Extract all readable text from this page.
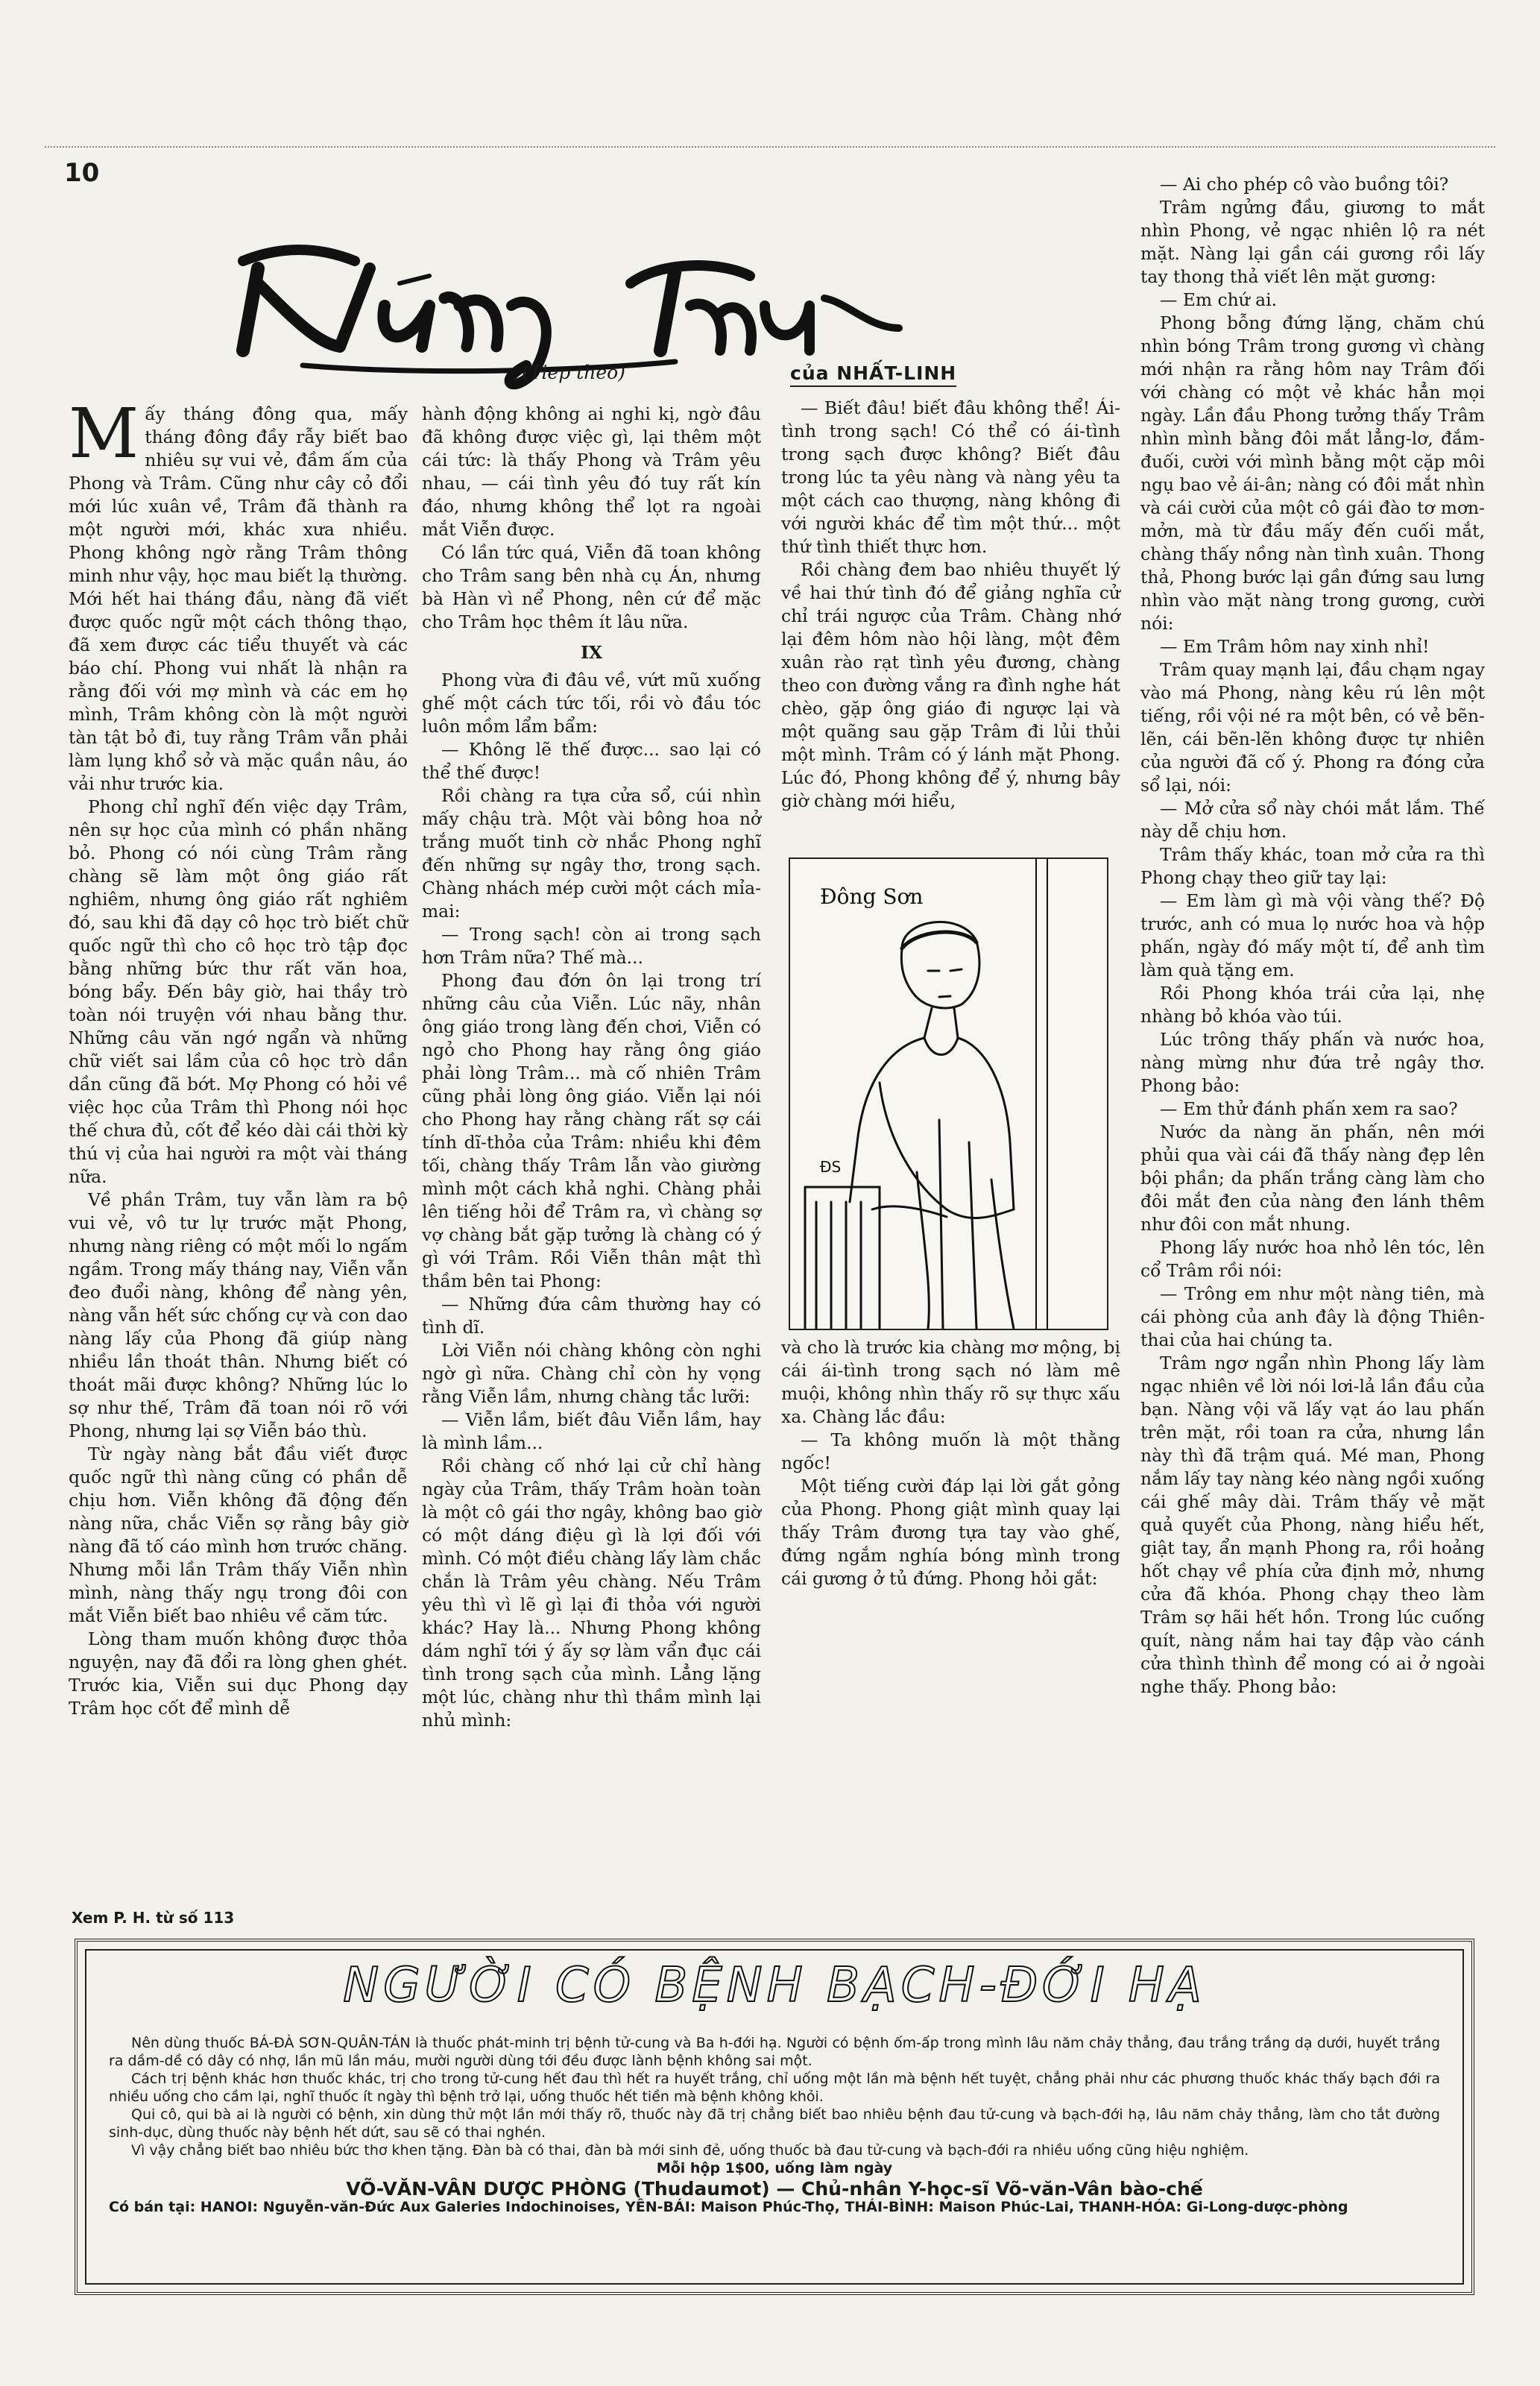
10
(Tiep theo)	của NHẤT-LINH

Mấy tháng đông qua, mấy tháng đông đầy rẫy biết bao nhiêu sự vui vẻ, đầm ấm của Phong và Trâm. Cũng như cây cỏ đổi mới lúc xuân về, Trâm đã thành ra một người mới, khác xưa nhiều. Phong không ngờ rằng Trâm thông minh như vậy, học mau biết lạ thường. Mới hết hai tháng đầu, nàng đã viết được quốc ngữ một cách thông thạo, đã xem được các tiểu thuyết và các báo chí. Phong vui nhất là nhận ra rằng đối với mợ mình và các em họ mình, Trâm không còn là một người tàn tật bỏ đi, tuy rằng Trâm vẫn phải làm lụng khổ sở và mặc quần nâu, áo vải như trước kia.

Phong chỉ nghĩ đến việc dạy Trâm, nên sự học của mình có phần nhãng bỏ. Phong có nói cùng Trâm rằng chàng sẽ làm một ông giáo rất nghiêm, nhưng ông giáo rất nghiêm đó, sau khi đã dạy cô học trò biết chữ quốc ngữ thì cho cô học trò tập đọc bằng những bức thư rất văn hoa, bóng bẩy. Đến bây giờ, hai thầy trò toàn nói truyện với nhau bằng thư. Những câu văn ngớ ngẩn và những chữ viết sai lầm của cô học trò dần dần cũng đã bớt. Mợ Phong có hỏi về việc học của Trâm thì Phong nói học thế chưa đủ, cốt để kéo dài cái thời kỳ thú vị của hai người ra một vài tháng nữa.

Về phần Trâm, tuy vẫn làm ra bộ vui vẻ, vô tư lự trước mặt Phong, nhưng nàng riêng có một mối lo ngấm ngầm. Trong mấy tháng nay, Viễn vẫn đeo đuổi nàng, không để nàng yên, nàng vẫn hết sức chống cự và con dao nàng lấy của Phong đã giúp nàng nhiều lần thoát thân. Nhưng biết có thoát mãi được không? Những lúc lo sợ như thế, Trâm đã toan nói rõ với Phong, nhưng lại sợ Viễn báo thù.

Từ ngày nàng bắt đầu viết được quốc ngữ thì nàng cũng có phần dễ chịu hơn. Viễn không đã động đến nàng nữa, chắc Viễn sợ rằng bây giờ nàng đã tố cáo mình hơn trước chăng. Nhưng mỗi lần Trâm thấy Viễn nhìn mình, nàng thấy ngụ trong đôi con mắt Viễn biết bao nhiêu về căm tức.

Lòng tham muốn không được thỏa nguyện, nay đã đổi ra lòng ghen ghét. Trước kia, Viễn sui dục Phong dạy Trâm học cốt để mình dễ

hành động không ai nghi kị, ngờ đâu đã không được việc gì, lại thêm một cái tức: là thấy Phong và Trâm yêu nhau, — cái tình yêu đó tuy rất kín đáo, nhưng không thể lọt ra ngoài mắt Viễn được.

Có lần tức quá, Viễn đã toan không cho Trâm sang bên nhà cụ Án, nhưng bà Hàn vì nể Phong, nên cứ để mặc cho Trâm học thêm ít lâu nữa.

IX

Phong vừa đi đâu về, vứt mũ xuống ghế một cách tức tối, rồi vò đầu tóc luôn mồm lẩm bẩm:

— Không lẽ thế được... sao lại có thể thế được!

Rồi chàng ra tựa cửa sổ, cúi nhìn mấy chậu trà. Một vài bông hoa nở trắng muốt tinh cờ nhắc Phong nghĩ đến những sự ngây thơ, trong sạch. Chàng nhách mép cười một cách mỉa-mai:

— Trong sạch! còn ai trong sạch hơn Trâm nữa? Thế mà...

Phong đau đớn ôn lại trong trí những câu của Viễn. Lúc nãy, nhân ông giáo trong làng đến chơi, Viễn có ngỏ cho Phong hay rằng ông giáo phải lòng Trâm... mà cố nhiên Trâm cũng phải lòng ông giáo. Viễn lại nói cho Phong hay rằng chàng rất sợ cái tính dĩ-thỏa của Trâm: nhiều khi đêm tối, chàng thấy Trâm lẫn vào giường mình một cách khả nghi. Chàng phải lên tiếng hỏi để Trâm ra, vì chàng sợ vợ chàng bắt gặp tưởng là chàng có ý gì với Trâm. Rồi Viễn thân mật thì thầm bên tai Phong:

— Những đứa câm thường hay có tình dĩ.

Lời Viễn nói chàng không còn nghi ngờ gì nữa. Chàng chỉ còn hy vọng rằng Viễn lầm, nhưng chàng tắc lưỡi:

— Viễn lầm, biết đâu Viễn lầm, hay là mình lầm...

Rồi chàng cố nhớ lại cử chỉ hàng ngày của Trâm, thấy Trâm hoàn toàn là một cô gái thơ ngây, không bao giờ có một dáng điệu gì là lợi đối với mình. Có một điều chàng lấy làm chắc chắn là Trâm yêu chàng. Nếu Trâm yêu thì vì lẽ gì lại đi thỏa với người khác? Hay là... Nhưng Phong không dám nghĩ tới ý ấy sợ làm vẩn đục cái tình trong sạch của mình. Lẳng lặng một lúc, chàng như thì thầm mình lại nhủ mình:

— Biết đâu! biết đâu không thể! Ái-tình trong sạch! Có thể có ái-tình trong sạch được không? Biết đâu trong lúc ta yêu nàng và nàng yêu ta một cách cao thượng, nàng không đi với người khác để tìm một thứ... một thứ tình thiết thực hơn.

Rồi chàng đem bao nhiêu thuyết lý về hai thứ tình đó để giảng nghĩa cử chỉ trái ngược của Trâm. Chàng nhớ lại đêm hôm nào hội làng, một đêm xuân rào rạt tình yêu đương, chàng theo con đường vắng ra đình nghe hát chèo, gặp ông giáo đi ngược lại và một quãng sau gặp Trâm đi lủi thủi một mình. Trâm có ý lánh mặt Phong. Lúc đó, Phong không để ý, nhưng bây giờ chàng mới hiểu,

Đông Sơn
ĐS

và cho là trước kia chàng mơ mộng, bị cái ái-tình trong sạch nó làm mê muội, không nhìn thấy rõ sự thực xấu xa. Chàng lắc đầu:

— Ta không muốn là một thằng ngốc!

Một tiếng cười đáp lại lời gắt gỏng của Phong. Phong giật mình quay lại thấy Trâm đương tựa tay vào ghế, đứng ngắm nghía bóng mình trong cái gương ở tủ đứng. Phong hỏi gắt:

— Ai cho phép cô vào buồng tôi?

Trâm ngửng đầu, giương to mắt nhìn Phong, vẻ ngạc nhiên lộ ra nét mặt. Nàng lại gần cái gương rồi lấy tay thong thả viết lên mặt gương:

— Em chứ ai.

Phong bỗng đứng lặng, chăm chú nhìn bóng Trâm trong gương vì chàng mới nhận ra rằng hôm nay Trâm đối với chàng có một vẻ khác hẳn mọi ngày. Lần đầu Phong tưởng thấy Trâm nhìn mình bằng đôi mắt lẳng-lơ, đắm-đuối, cười với mình bằng một cặp môi ngụ bao vẻ ái-ân; nàng có đôi mắt nhìn và cái cười của một cô gái đào tơ mơn-mởn, mà từ đầu mấy đến cuối mắt, chàng thấy nồng nàn tình xuân. Thong thả, Phong bước lại gần đứng sau lưng nhìn vào mặt nàng trong gương, cười nói:

— Em Trâm hôm nay xinh nhỉ!

Trâm quay mạnh lại, đầu chạm ngay vào má Phong, nàng kêu rú lên một tiếng, rồi vội né ra một bên, có vẻ bẽn-lẽn, cái bẽn-lẽn không được tự nhiên của người đã cố ý. Phong ra đóng cửa sổ lại, nói:

— Mở cửa sổ này chói mắt lắm. Thế này dễ chịu hơn.

Trâm thấy khác, toan mở cửa ra thì Phong chạy theo giữ tay lại:

— Em làm gì mà vội vàng thế? Độ trước, anh có mua lọ nước hoa và hộp phấn, ngày đó mấy một tí, để anh tìm làm quà tặng em.

Rồi Phong khóa trái cửa lại, nhẹ nhàng bỏ khóa vào túi.

Lúc trông thấy phấn và nước hoa, nàng mừng như đứa trẻ ngây thơ. Phong bảo:

— Em thử đánh phấn xem ra sao?

Nước da nàng ăn phấn, nên mới phủi qua vài cái đã thấy nàng đẹp lên bội phần; da phấn trắng càng làm cho đôi mắt đen của nàng đen lánh thêm như đôi con mắt nhung.

Phong lấy nước hoa nhỏ lên tóc, lên cổ Trâm rồi nói:

— Trông em như một nàng tiên, mà cái phòng của anh đây là động Thiên-thai của hai chúng ta.

Trâm ngơ ngẩn nhìn Phong lấy làm ngạc nhiên về lời nói lơi-lả lần đầu của bạn. Nàng vội vã lấy vạt áo lau phấn trên mặt, rồi toan ra cửa, nhưng lần này thì đã trậm quá. Mé man, Phong nắm lấy tay nàng kéo nàng ngồi xuống cái ghế mây dài. Trâm thấy vẻ mặt quả quyết của Phong, nàng hiểu hết, giật tay, ẩn mạnh Phong ra, rồi hoảng hốt chạy về phía cửa định mở, nhưng cửa đã khóa. Phong chạy theo làm Trâm sợ hãi hết hồn. Trong lúc cuống quít, nàng nắm hai tay đập vào cánh cửa thình thình để mong có ai ở ngoài nghe thấy. Phong bảo:

Xem P. H. từ số 113
NGƯỜI CÓ BỆNH BẠCH-ĐỚI HẠ

Nên dùng thuốc BÁ-ĐÀ SƠN-QUÂN-TÁN là thuốc phát-minh trị bệnh tử-cung và Ba h-đới hạ. Người có bệnh ốm-ấp trong mình lâu năm chảy thẳng, đau trắng trắng dạ dưới, huyết trắng ra dầm-dề có dây có nhợ, lần mũ lần máu, mười người dùng tới đều được lành bệnh không sai một.

Cách trị bệnh khác hơn thuốc khác, trị cho trong tử-cung hết đau thì hết ra huyết trắng, chỉ uống một lần mà bệnh hết tuyệt, chẳng phải như các phương thuốc khác thấy bạch đới ra nhiều uống cho cầm lại, nghĩ thuốc ít ngày thì bệnh trở lại, uống thuốc hết tiền mà bệnh không khỏi.

Qui cô, qui bà ai là người có bệnh, xin dùng thử một lần mới thấy rõ, thuốc này đã trị chẳng biết bao nhiêu bệnh đau tử-cung và bạch-đới hạ, lâu năm chảy thẳng, làm cho tắt đường sinh-dục, dùng thuốc này bệnh hết dứt, sau sẽ có thai nghén.

Vì vậy chẳng biết bao nhiêu bức thơ khen tặng. Đàn bà có thai, đàn bà mới sinh đẻ, uống thuốc bà đau tử-cung và bạch-đới ra nhiều uống cũng hiệu nghiệm.

Mỗi hộp 1$00, uống làm ngày

VÕ-VĂN-VÂN DƯỢC PHÒNG (Thudaumot) — Chủ-nhân Y-học-sĩ Võ-văn-Vân bào-chế

Có bán tại: HANOI: Nguyễn-văn-Đức Aux Galeries Indochinoises, YÊN-BÁI: Maison Phúc-Thọ, THÁI-BÌNH: Maison Phúc-Lai, THANH-HÓA: Gi-Long-dược-phòng
